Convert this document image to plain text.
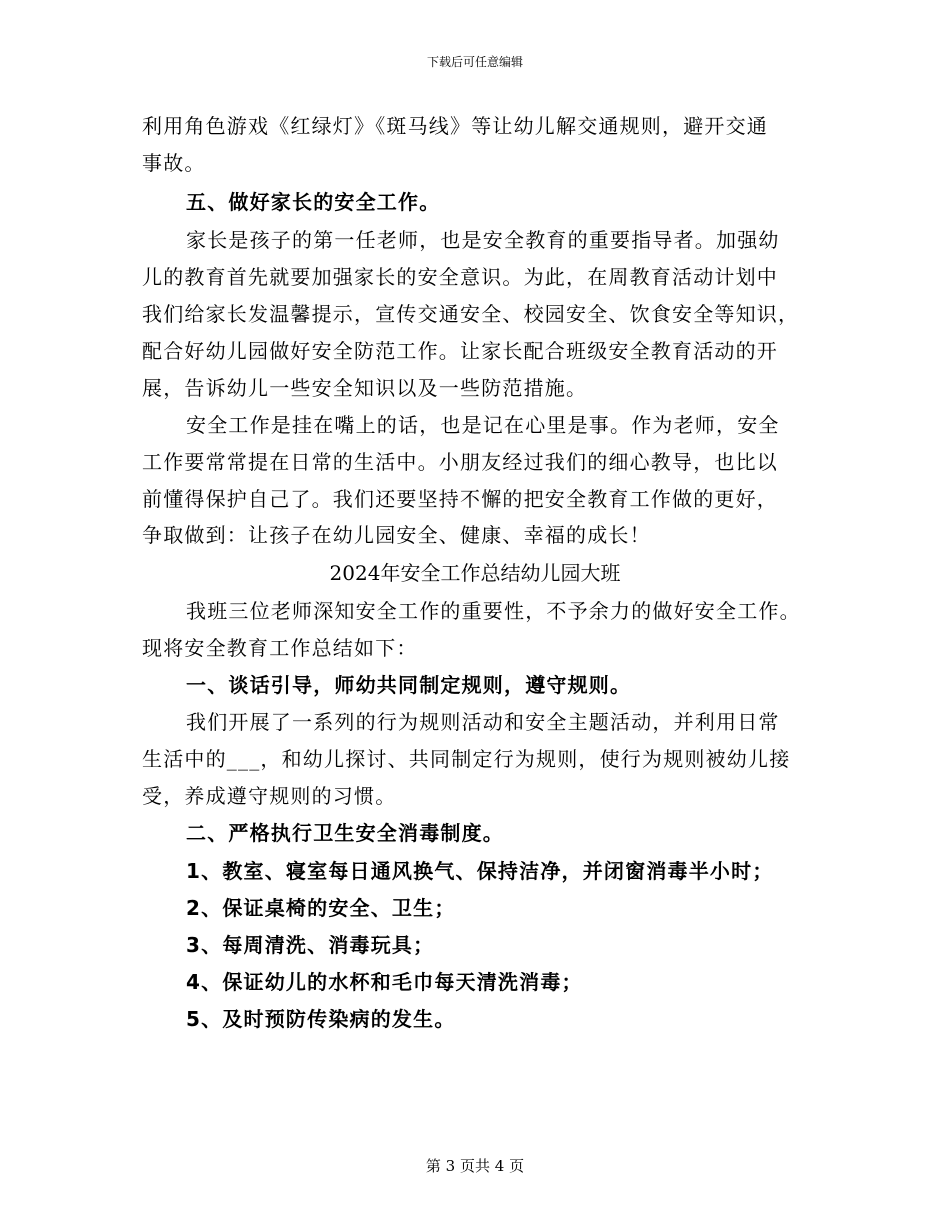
下载后可任意编辑
利用角色游戏《红绿灯》《斑马线》等让幼儿解交通规则，避开交通
事故。
五、做好家长的安全工作。
家长是孩子的第一任老师，也是安全教育的重要指导者。加强幼
儿的教育首先就要加强家长的安全意识。为此，在周教育活动计划中
我们给家长发温馨提示，宣传交通安全、校园安全、饮食安全等知识，
配合好幼儿园做好安全防范工作。让家长配合班级安全教育活动的开
展，告诉幼儿一些安全知识以及一些防范措施。
安全工作是挂在嘴上的话，也是记在心里是事。作为老师，安全
工作要常常提在日常的生活中。小朋友经过我们的细心教导，也比以
前懂得保护自己了。我们还要坚持不懈的把安全教育工作做的更好，
争取做到：让孩子在幼儿园安全、健康、幸福的成长！
2024年安全工作总结幼儿园大班
我班三位老师深知安全工作的重要性，不予余力的做好安全工作。
现将安全教育工作总结如下：
一、谈话引导，师幼共同制定规则，遵守规则。
我们开展了一系列的行为规则活动和安全主题活动，并利用日常
生活中的___，和幼儿探讨、共同制定行为规则，使行为规则被幼儿接
受，养成遵守规则的习惯。
二、严格执行卫生安全消毒制度。
1、教室、寝室每日通风换气、保持洁净，并闭窗消毒半小时；
2、保证桌椅的安全、卫生；
3、每周清洗、消毒玩具；
4、保证幼儿的水杯和毛巾每天清洗消毒；
5、及时预防传染病的发生。
第 3 页共 4 页
